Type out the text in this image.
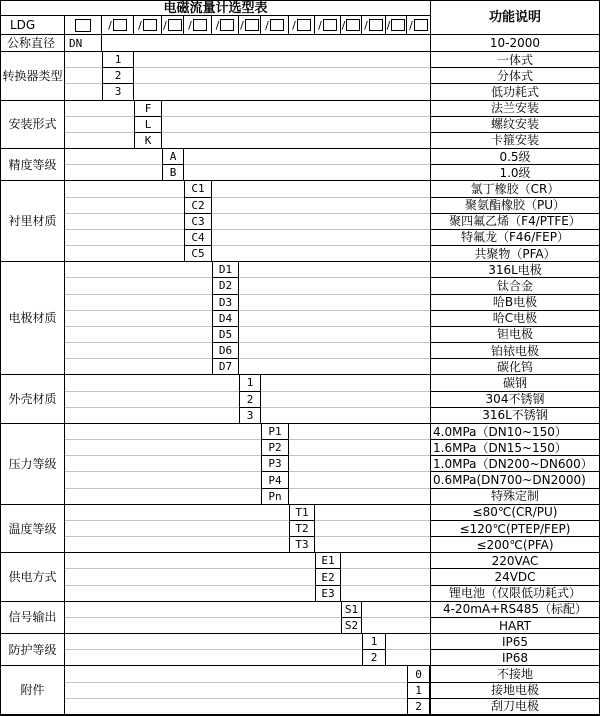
电磁流量计选型表
功能说明
LDG
公称直径	DN	10-2000
/ / / / / / / / / / / / /
转换器类型
1	一体式
2	分体式
3	低功耗式
安装形式
F	法兰安装
L	螺纹安装
K	卡箍安装
精度等级
A	0.5级
B	1.0级
衬里材质
C1	氯丁橡胶（CR）
C2	聚氨酯橡胶（PU）
C3	聚四氟乙烯（F4/PTFE）
C4	特氟龙（F46/FEP）
C5	共聚物（PFA）
电极材质
D1	316L电极
D2	钛合金
D3	哈B电极
D4	哈C电极
D5	钽电极
D6	铂铱电极
D7	碳化钨
外壳材质
1	碳钢
2	304不锈钢
3	316L不锈钢
压力等级
P1	4.0MPa（DN10~150）
P2	1.6MPa（DN15~150）
P3	1.0MPa（DN200~DN600）
P4	0.6MPa(DN700~DN2000)
Pn	特殊定制
温度等级
T1	≤80℃(CR/PU)
T2	≤120℃(PTEP/FEP)
T3	≤200℃(PFA)
供电方式
E1	220VAC
E2	24VDC
E3	锂电池（仅限低功耗式）
信号输出
S1	4-20mA+RS485（标配）
S2	HART
防护等级
1	IP65
2	IP68
附件
0	不接地
1	接地电极
2	刮刀电极
